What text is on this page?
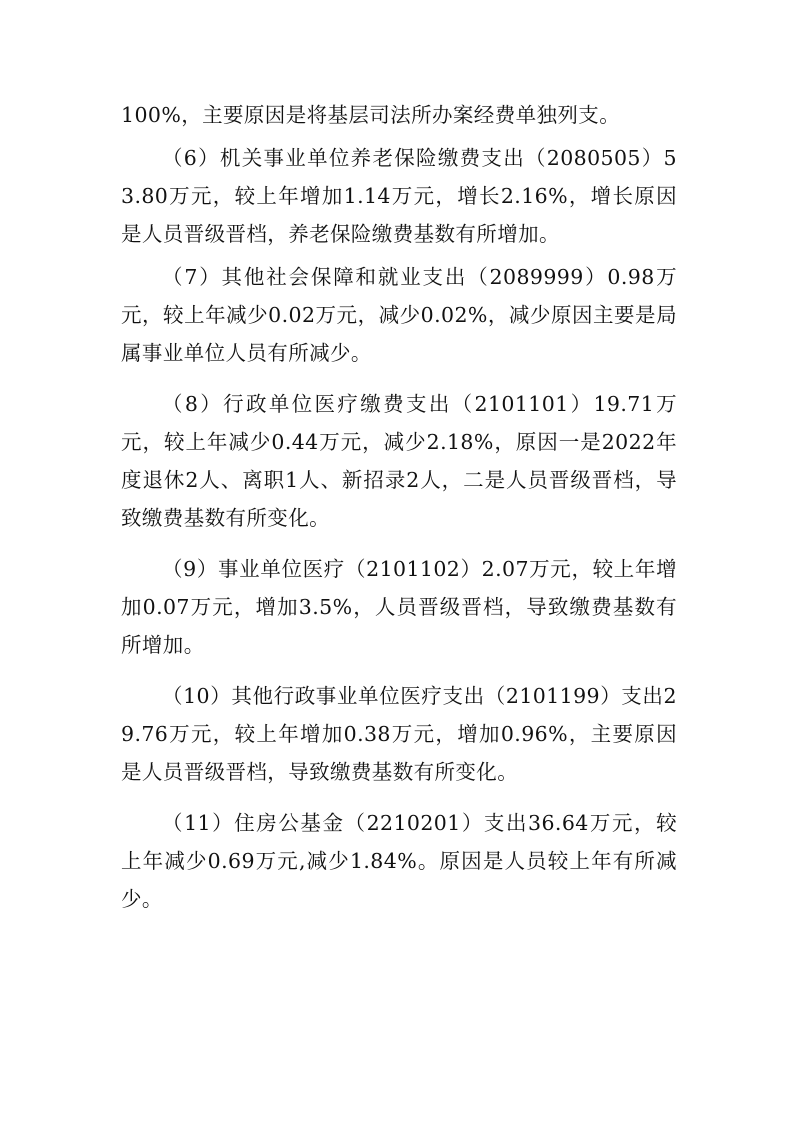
100%，主要原因是将基层司法所办案经费单独列支。

（6）机关事业单位养老保险缴费支出（2080505）53.80万元，较上年增加1.14万元，增长2.16%，增长原因是人员晋级晋档，养老保险缴费基数有所增加。

（7）其他社会保障和就业支出（2089999）0.98万元，较上年减少0.02万元，减少0.02%，减少原因主要是局属事业单位人员有所减少。

（8）行政单位医疗缴费支出（2101101）19.71万元，较上年减少0.44万元，减少2.18%，原因一是2022年度退休2人、离职1人、新招录2人，二是人员晋级晋档，导致缴费基数有所变化。

（9）事业单位医疗（2101102）2.07万元，较上年增加0.07万元，增加3.5%，人员晋级晋档，导致缴费基数有所增加。

（10）其他行政事业单位医疗支出（2101199）支出29.76万元，较上年增加0.38万元，增加0.96%，主要原因是人员晋级晋档，导致缴费基数有所变化。

（11）住房公基金（2210201）支出36.64万元，较上年减少0.69万元,减少1.84%。原因是人员较上年有所减少。
